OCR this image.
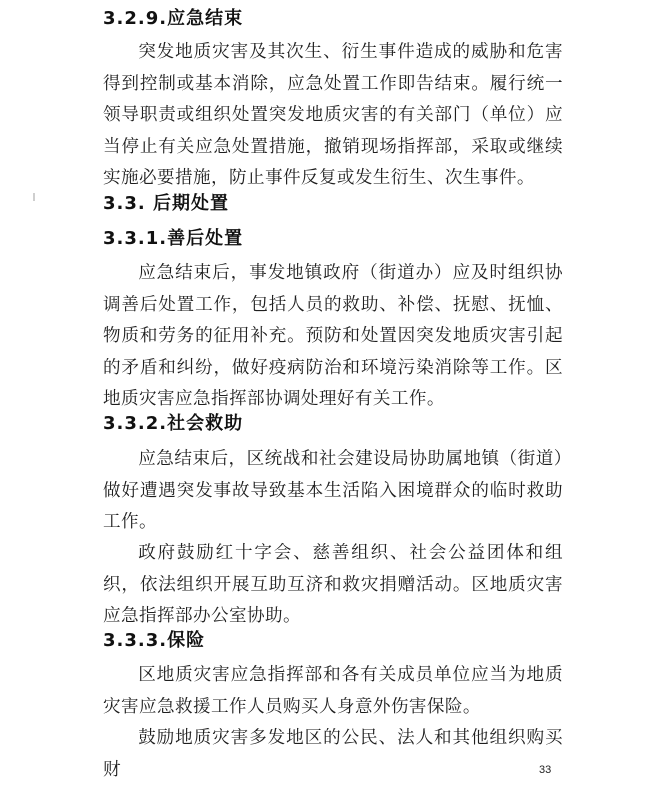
3.2.9.应急结束

突发地质灾害及其次生、衍生事件造成的威胁和危害得到控制或基本消除，应急处置工作即告结束。履行统一领导职责或组织处置突发地质灾害的有关部门（单位）应当停止有关应急处置措施，撤销现场指挥部，采取或继续实施必要措施，防止事件反复或发生衍生、次生事件。

3.3. 后期处置
3.3.1.善后处置

应急结束后，事发地镇政府（街道办）应及时组织协调善后处置工作，包括人员的救助、补偿、抚慰、抚恤、物质和劳务的征用补充。预防和处置因突发地质灾害引起的矛盾和纠纷，做好疫病防治和环境污染消除等工作。区地质灾害应急指挥部协调处理好有关工作。

3.3.2.社会救助

应急结束后，区统战和社会建设局协助属地镇（街道）做好遭遇突发事故导致基本生活陷入困境群众的临时救助工作。

政府鼓励红十字会、慈善组织、社会公益团体和组织，依法组织开展互助互济和救灾捐赠活动。区地质灾害应急指挥部办公室协助。

3.3.3.保险

区地质灾害应急指挥部和各有关成员单位应当为地质灾害应急救援工作人员购买人身意外伤害保险。

鼓励地质灾害多发地区的公民、法人和其他组织购买财	33
